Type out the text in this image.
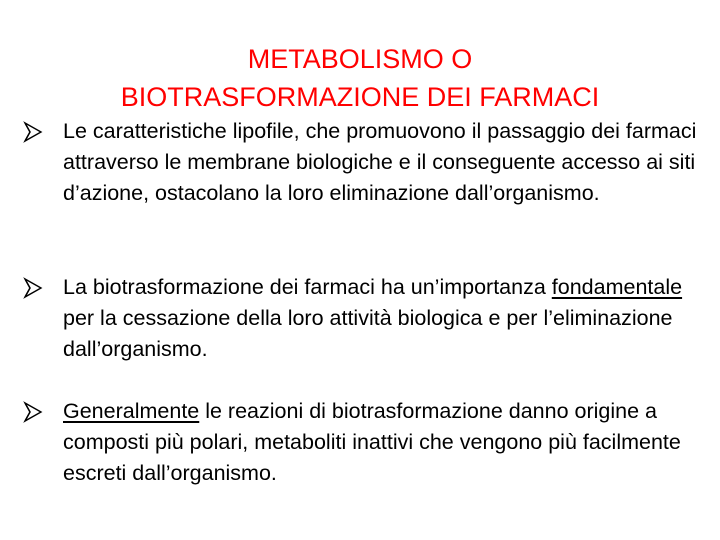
METABOLISMO O
BIOTRASFORMAZIONE DEI FARMACI
Le caratteristiche lipofile, che promuovono il passaggio dei farmaci attraverso le membrane biologiche e il conseguente accesso ai siti d’azione, ostacolano la loro eliminazione dall’organismo.
La biotrasformazione dei farmaci ha un’importanza fondamentale per la cessazione della loro attività biologica e per l’eliminazione dall’organismo.
Generalmente le reazioni di biotrasformazione danno origine a composti più polari, metaboliti inattivi che vengono più facilmente escreti dall’organismo.
